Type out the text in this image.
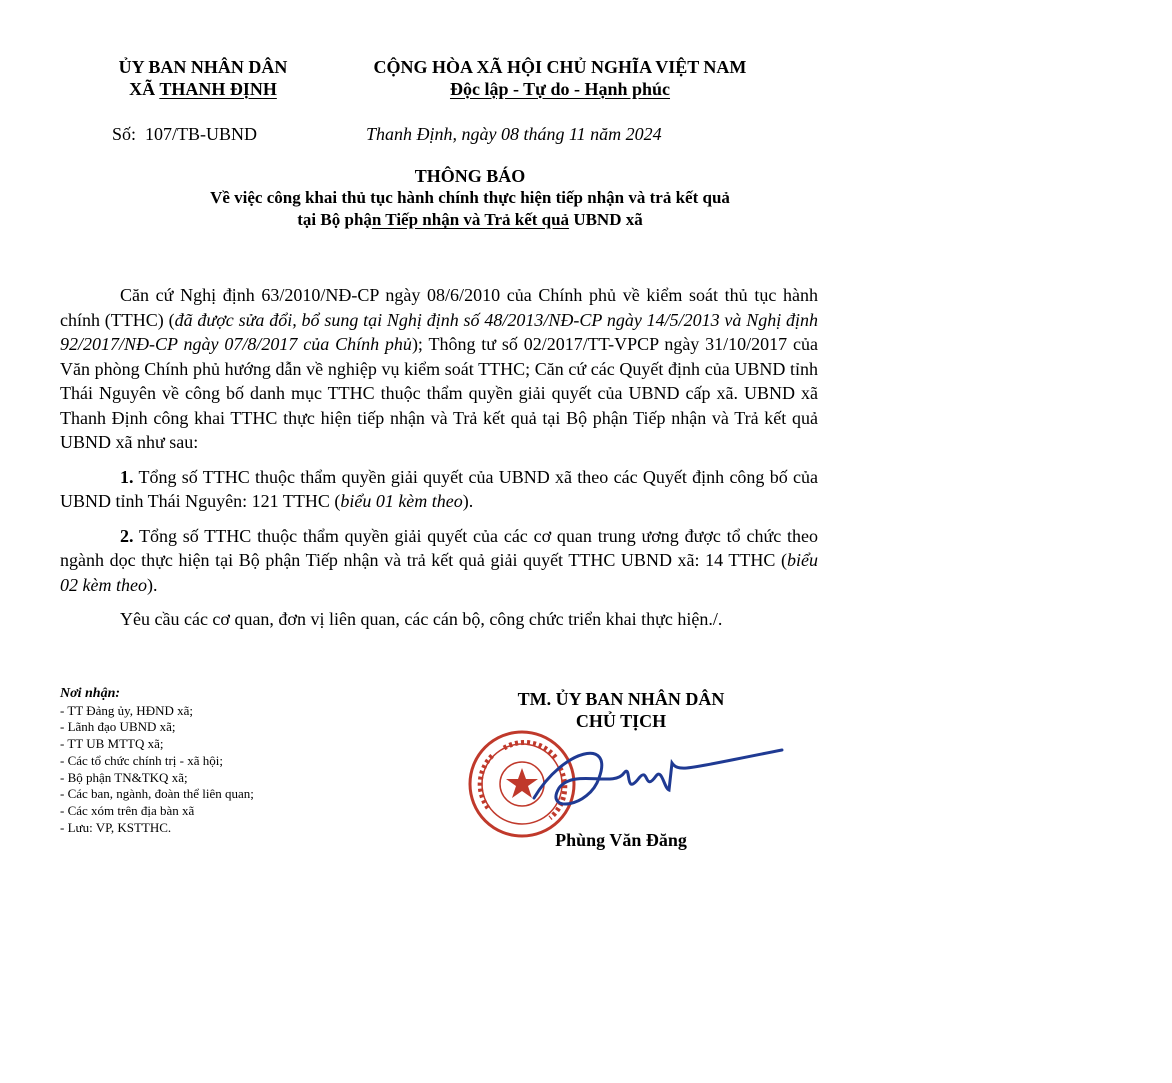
ỦY BAN NHÂN DÂN
XÃ THANH ĐỊNH
CỘNG HÒA XÃ HỘI CHỦ NGHĨA VIỆT NAM
Độc lập - Tự do - Hạnh phúc
Số: 107/TB-UBND	Thanh Định, ngày 08 tháng 11 năm 2024
THÔNG BÁO
Về việc công khai thủ tục hành chính thực hiện tiếp nhận và trả kết quả
tại Bộ phận Tiếp nhận và Trả kết quả UBND xã

Căn cứ Nghị định 63/2010/NĐ-CP ngày 08/6/2010 của Chính phủ về kiểm soát thủ tục hành chính (TTHC) (đã được sửa đổi, bổ sung tại Nghị định số 48/2013/NĐ-CP ngày 14/5/2013 và Nghị định 92/2017/NĐ-CP ngày 07/8/2017 của Chính phủ); Thông tư số 02/2017/TT-VPCP ngày 31/10/2017 của Văn phòng Chính phủ hướng dẫn về nghiệp vụ kiểm soát TTHC; Căn cứ các Quyết định của UBND tỉnh Thái Nguyên về công bố danh mục TTHC thuộc thẩm quyền giải quyết của UBND cấp xã. UBND xã Thanh Định công khai TTHC thực hiện tiếp nhận và Trả kết quả tại Bộ phận Tiếp nhận và Trả kết quả UBND xã như sau:

1. Tổng số TTHC thuộc thẩm quyền giải quyết của UBND xã theo các Quyết định công bố của UBND tỉnh Thái Nguyên: 121 TTHC (biểu 01 kèm theo).

2. Tổng số TTHC thuộc thẩm quyền giải quyết của các cơ quan trung ương được tổ chức theo ngành dọc thực hiện tại Bộ phận Tiếp nhận và trả kết quả giải quyết TTHC UBND xã: 14 TTHC (biểu 02 kèm theo).

Yêu cầu các cơ quan, đơn vị liên quan, các cán bộ, công chức triển khai thực hiện./.

Nơi nhận:
- TT Đảng ủy, HĐND xã;
- Lãnh đạo UBND xã;
- TT UB MTTQ xã;
- Các tổ chức chính trị - xã hội;
- Bộ phận TN&TKQ xã;
- Các ban, ngành, đoàn thể liên quan;
- Các xóm trên địa bàn xã
- Lưu: VP, KSTTHC.
TM. ỦY BAN NHÂN DÂN
CHỦ TỊCH
Phùng Văn Đăng
